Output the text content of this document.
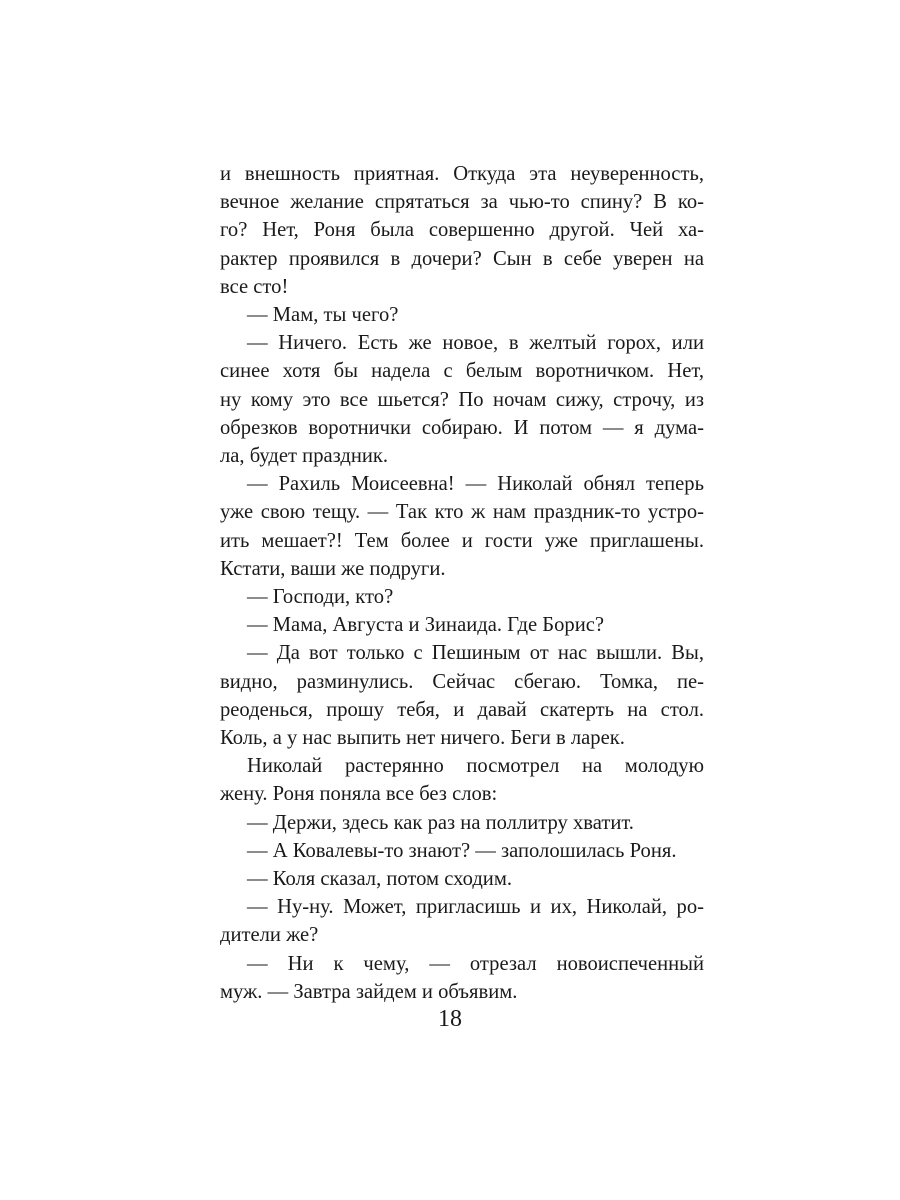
и внешность приятная. Откуда эта неуверенность,
вечное желание спрятаться за чью-то спину? В ко-
го? Нет, Роня была совершенно другой. Чей ха-
рактер проявился в дочери? Сын в себе уверен на
все сто!
— Мам, ты чего?
— Ничего. Есть же новое, в желтый горох, или
синее хотя бы надела с белым воротничком. Нет,
ну кому это все шьется? По ночам сижу, строчу, из
обрезков воротнички собираю. И потом — я дума-
ла, будет праздник.
— Рахиль Моисеевна! — Николай обнял теперь
уже свою тещу. — Так кто ж нам праздник-то устро-
ить мешает?! Тем более и гости уже приглашены.
Кстати, ваши же подруги.
— Господи, кто?
— Мама, Августа и Зинаида. Где Борис?
— Да вот только с Пешиным от нас вышли. Вы,
видно, разминулись. Сейчас сбегаю. Томка, пе-
реоденься, прошу тебя, и давай скатерть на стол.
Коль, а у нас выпить нет ничего. Беги в ларек.
Николай растерянно посмотрел на молодую
жену. Роня поняла все без слов:
— Держи, здесь как раз на поллитру хватит.
— А Ковалевы-то знают? — заполошилась Роня.
— Коля сказал, потом сходим.
— Ну-ну. Может, пригласишь и их, Николай, ро-
дители же?
— Ни к чему, — отрезал новоиспеченный
муж. — Завтра зайдем и объявим.
18
